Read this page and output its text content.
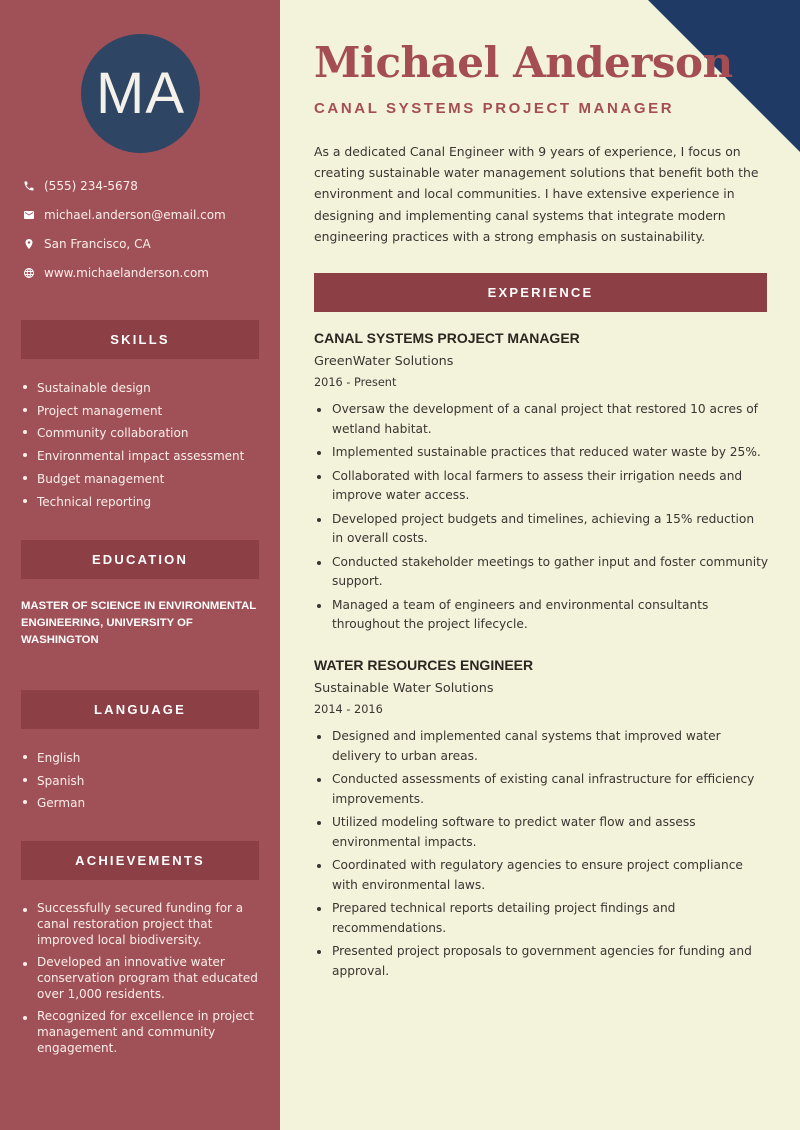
MA
(555) 234-5678
michael.anderson@email.com
San Francisco, CA
www.michaelanderson.com
SKILLS
Sustainable design
Project management
Community collaboration
Environmental impact assessment
Budget management
Technical reporting
EDUCATION
MASTER OF SCIENCE IN ENVIRONMENTAL ENGINEERING, UNIVERSITY OF WASHINGTON
LANGUAGE
English
Spanish
German
ACHIEVEMENTS
Successfully secured funding for a canal restoration project that improved local biodiversity.
Developed an innovative water conservation program that educated over 1,000 residents.
Recognized for excellence in project management and community engagement.
Michael Anderson
CANAL SYSTEMS PROJECT MANAGER

As a dedicated Canal Engineer with 9 years of experience, I focus on creating sustainable water management solutions that benefit both the environment and local communities. I have extensive experience in designing and implementing canal systems that integrate modern engineering practices with a strong emphasis on sustainability.

EXPERIENCE
CANAL SYSTEMS PROJECT MANAGER
GreenWater Solutions
2016 - Present
Oversaw the development of a canal project that restored 10 acres of wetland habitat.
Implemented sustainable practices that reduced water waste by 25%.
Collaborated with local farmers to assess their irrigation needs and improve water access.
Developed project budgets and timelines, achieving a 15% reduction in overall costs.
Conducted stakeholder meetings to gather input and foster community support.
Managed a team of engineers and environmental consultants throughout the project lifecycle.
WATER RESOURCES ENGINEER
Sustainable Water Solutions
2014 - 2016
Designed and implemented canal systems that improved water delivery to urban areas.
Conducted assessments of existing canal infrastructure for efficiency improvements.
Utilized modeling software to predict water flow and assess environmental impacts.
Coordinated with regulatory agencies to ensure project compliance with environmental laws.
Prepared technical reports detailing project findings and recommendations.
Presented project proposals to government agencies for funding and approval.
